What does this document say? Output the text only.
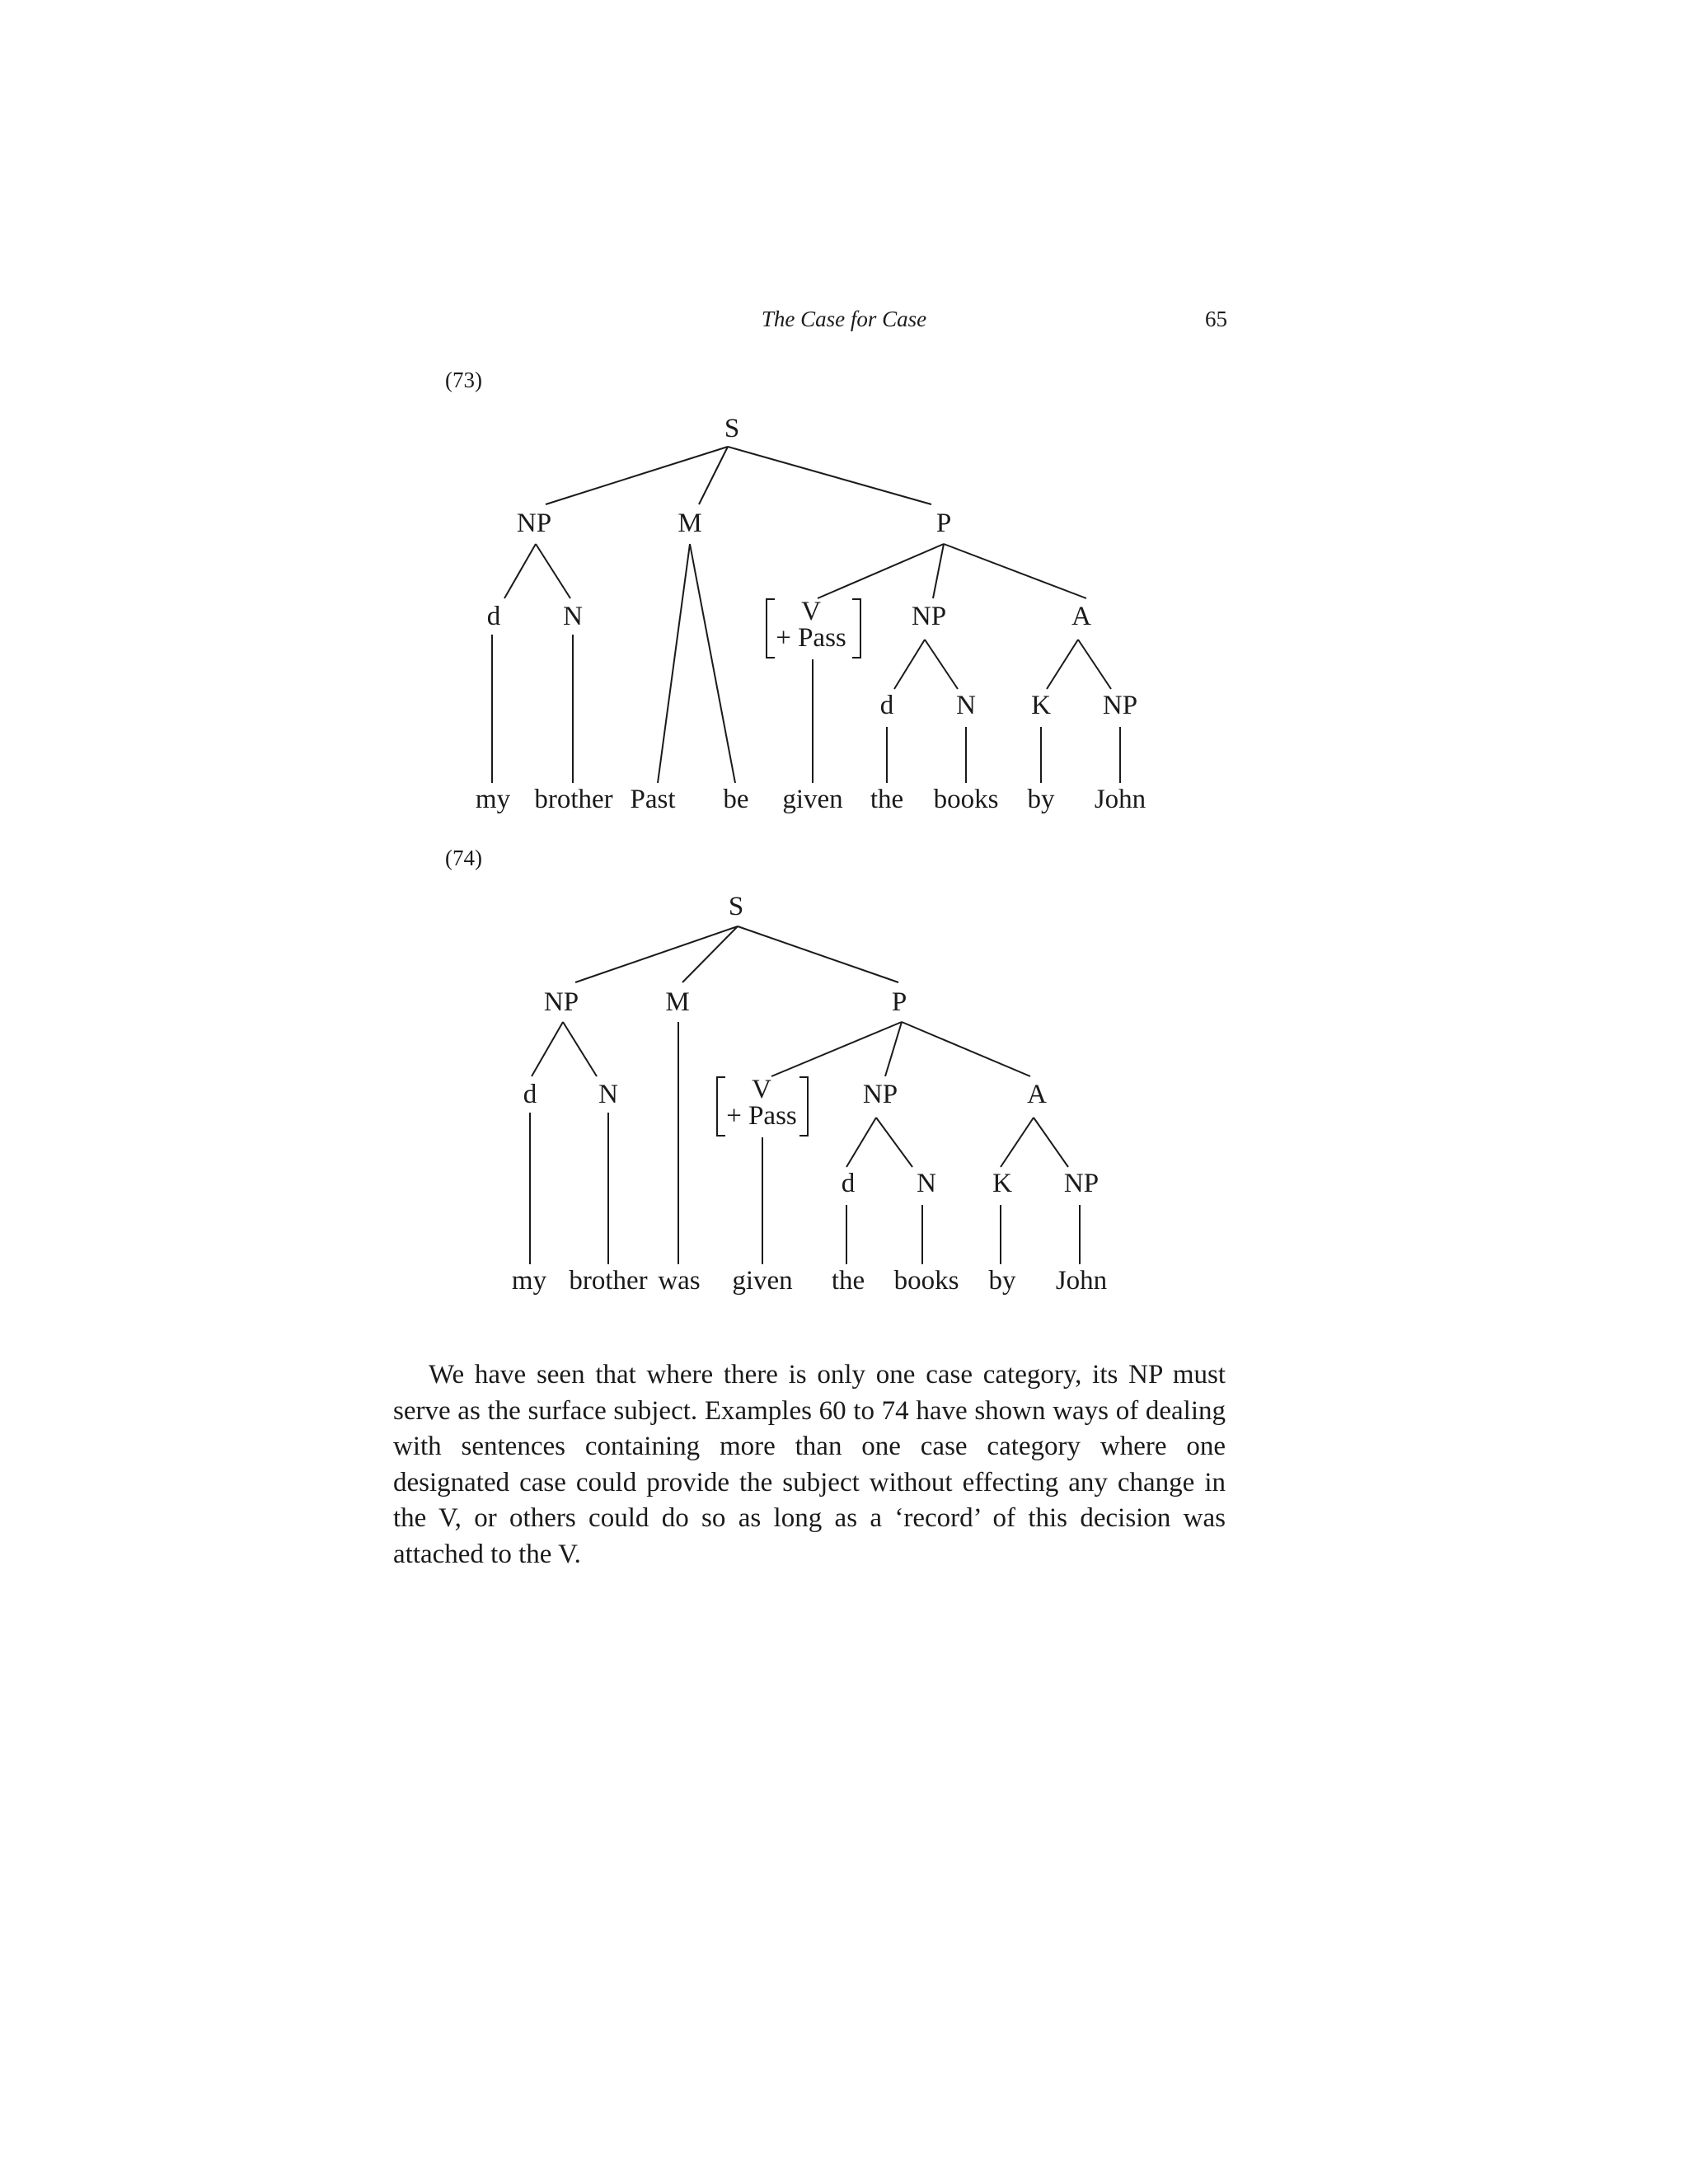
The Case for Case	65
(73)
S
NP	M	P
d N	V
+ Pass
NP	A
d N K NP
my brother Past be given the books by John
(74)
S
NP	M	P
d N	V
+ Pass
NP	A
d N K NP
my brother was given the books by John

We have seen that where there is only one case category, its NP must serve as the surface subject. Examples 60 to 74 have shown ways of dealing with sentences containing more than one case category where one designated case could provide the subject without effecting any change in the V, or others could do so as long as a ‘record’ of this decision was attached to the V.
